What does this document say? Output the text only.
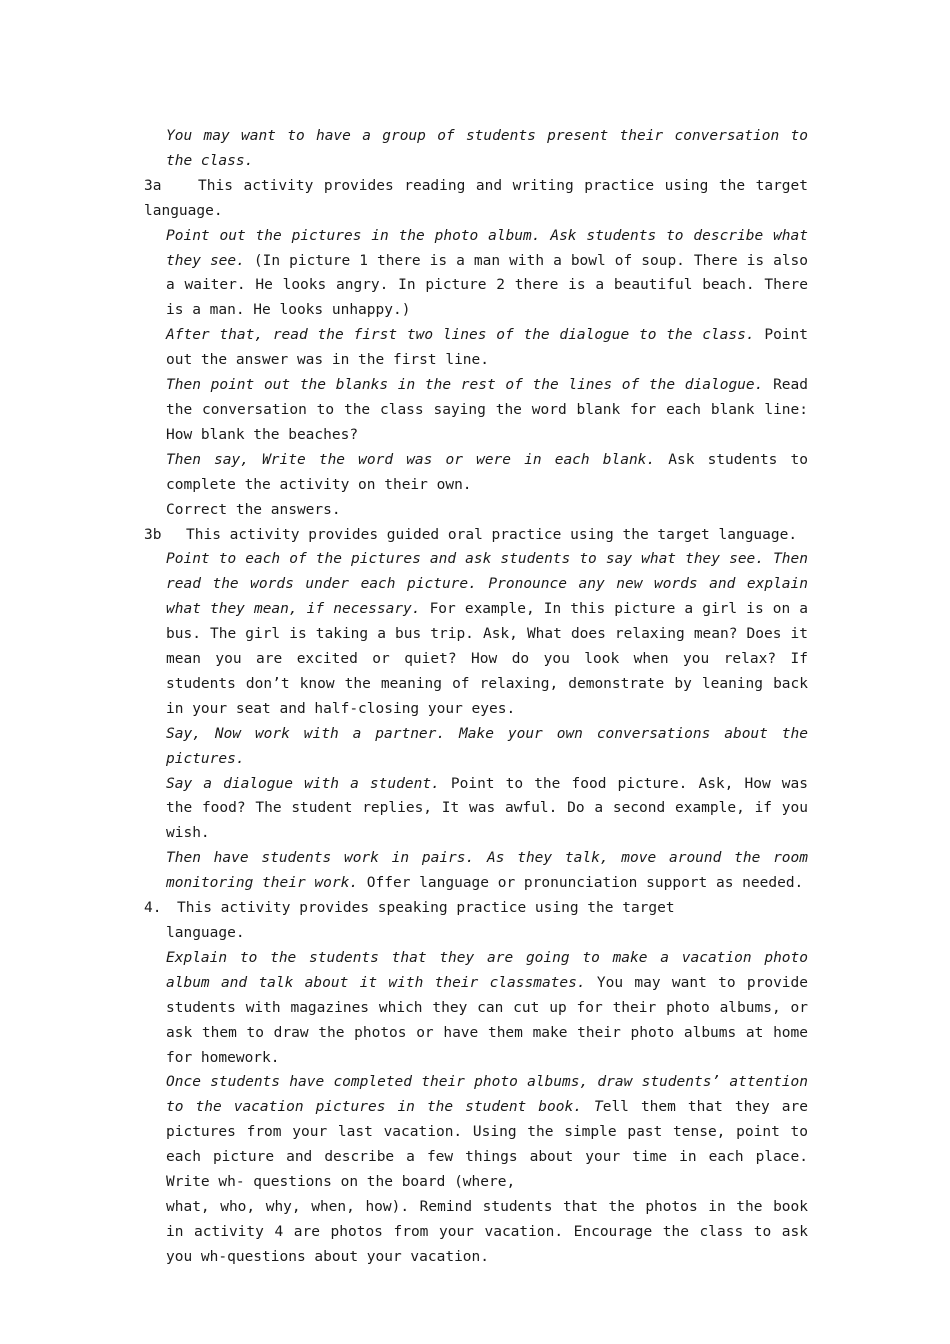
You may want to have a group of students present their conversation to the class.

3a	This activity provides reading and writing practice using the target language.

Point out the pictures in the photo album. Ask students to describe what they see. (In picture 1 there is a man with a bowl of soup. There is also a waiter. He looks angry. In picture 2 there is a beautiful beach. There is a man. He looks unhappy.)

After that, read the first two lines of the dialogue to the class. Point out the answer was in the first line.

Then point out the blanks in the rest of the lines of the dialogue. Read the conversation to the class saying the word blank for each blank line: How blank the beaches?

Then say, Write the word was or were in each blank. Ask students to complete the activity on their own.

Correct the answers.

3b This activity provides guided oral practice using the target language.

Point to each of the pictures and ask students to say what they see. Then read the words under each picture. Pronounce any new words and explain what they mean, if necessary. For example, In this picture a girl is on a bus. The girl is taking a bus trip. Ask, What does relaxing mean? Does it mean you are excited or quiet? How do you look when you relax? If students don’t know the meaning of relaxing, demonstrate by leaning back in your seat and half-closing your eyes.

Say, Now work with a partner. Make your own conversations about the pictures.

Say a dialogue with a student. Point to the food picture. Ask, How was the food? The student replies, It was awful. Do a second example, if you wish.

Then have students work in pairs. As they talk, move around the room monitoring their work. Offer language or pronunciation support as needed.

4. This activity provides speaking practice using the target

language.

Explain to the students that they are going to make a vacation photo album and talk about it with their classmates. You may want to provide students with magazines which they can cut up for their photo albums, or ask them to draw the photos or have them make their photo albums at home for homework.

Once students have completed their photo albums, draw students’ attention to the vacation pictures in the student book. Tell them that they are pictures from your last vacation. Using the simple past tense, point to each picture and describe a few things about your time in each place. Write wh- questions on the board (where,

what, who, why, when, how). Remind students that the photos in the book in activity 4 are photos from your vacation. Encourage the class to ask you wh-questions about your vacation.
